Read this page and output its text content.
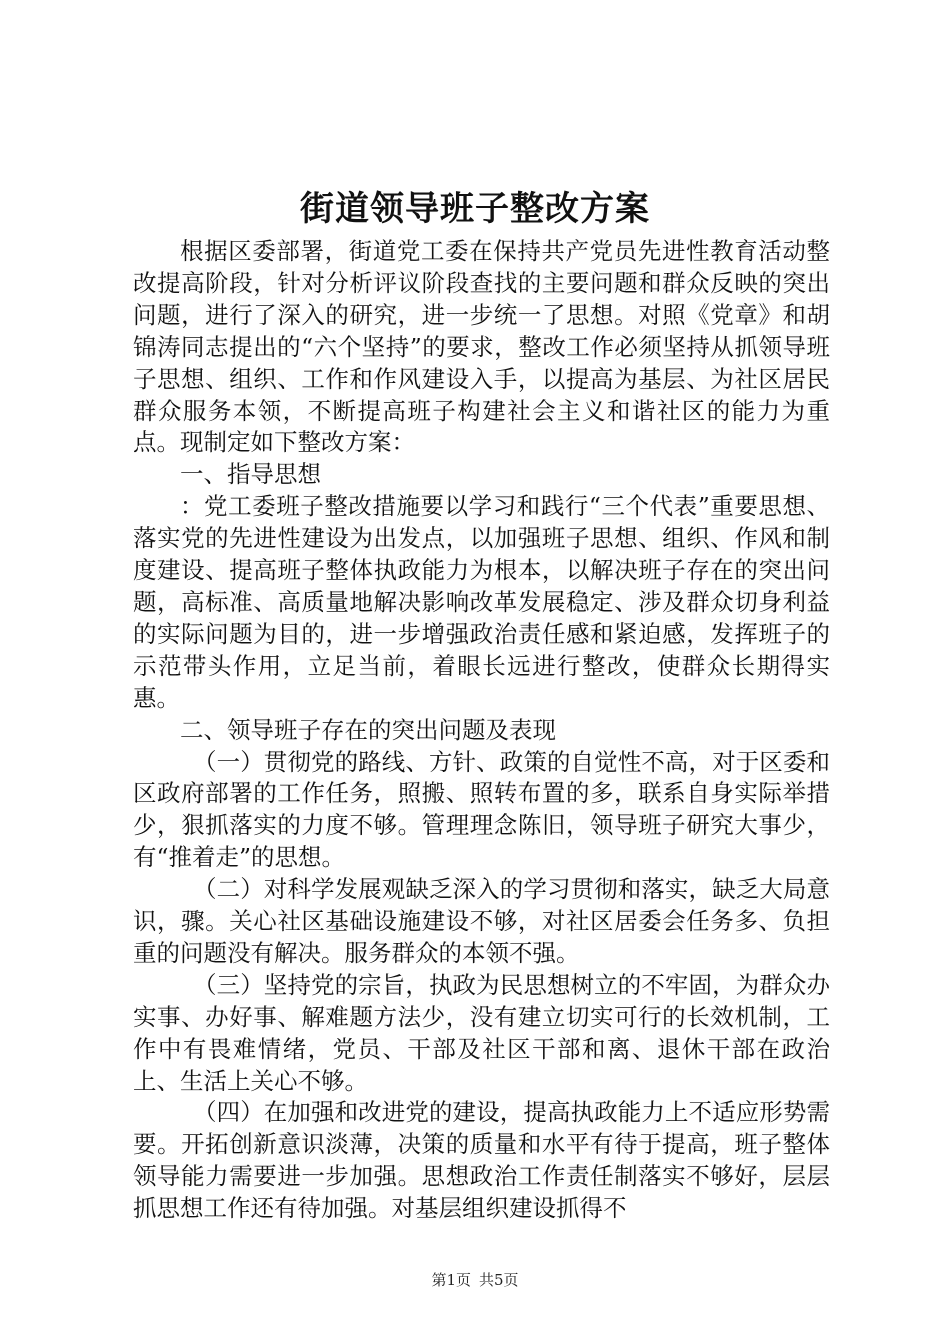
街道领导班子整改方案

根据区委部署，街道党工委在保持共产党员先进性教育活动整改提高阶段，针对分析评议阶段查找的主要问题和群众反映的突出问题，进行了深入的研究，进一步统一了思想。对照《党章》和胡锦涛同志提出的“六个坚持”的要求，整改工作必须坚持从抓领导班子思想、组织、工作和作风建设入手，以提高为基层、为社区居民群众服务本领，不断提高班子构建社会主义和谐社区的能力为重点。现制定如下整改方案：

一、指导思想

：党工委班子整改措施要以学习和践行“三个代表”重要思想、落实党的先进性建设为出发点，以加强班子思想、组织、作风和制度建设、提高班子整体执政能力为根本，以解决班子存在的突出问题，高标准、高质量地解决影响改革发展稳定、涉及群众切身利益的实际问题为目的，进一步增强政治责任感和紧迫感，发挥班子的示范带头作用，立足当前，着眼长远进行整改，使群众长期得实惠。

二、领导班子存在的突出问题及表现

（一）贯彻党的路线、方针、政策的自觉性不高，对于区委和区政府部署的工作任务，照搬、照转布置的多，联系自身实际举措少，狠抓落实的力度不够。管理理念陈旧，领导班子研究大事少，有“推着走”的思想。

（二）对科学发展观缺乏深入的学习贯彻和落实，缺乏大局意识，骤。关心社区基础设施建设不够，对社区居委会任务多、负担重的问题没有解决。服务群众的本领不强。

（三）坚持党的宗旨，执政为民思想树立的不牢固，为群众办实事、办好事、解难题方法少，没有建立切实可行的长效机制，工作中有畏难情绪，党员、干部及社区干部和离、退休干部在政治上、生活上关心不够。

（四）在加强和改进党的建设，提高执政能力上不适应形势需要。开拓创新意识淡薄，决策的质量和水平有待于提高，班子整体领导能力需要进一步加强。思想政治工作责任制落实不够好，层层抓思想工作还有待加强。对基层组织建设抓得不

第1页 共5页
